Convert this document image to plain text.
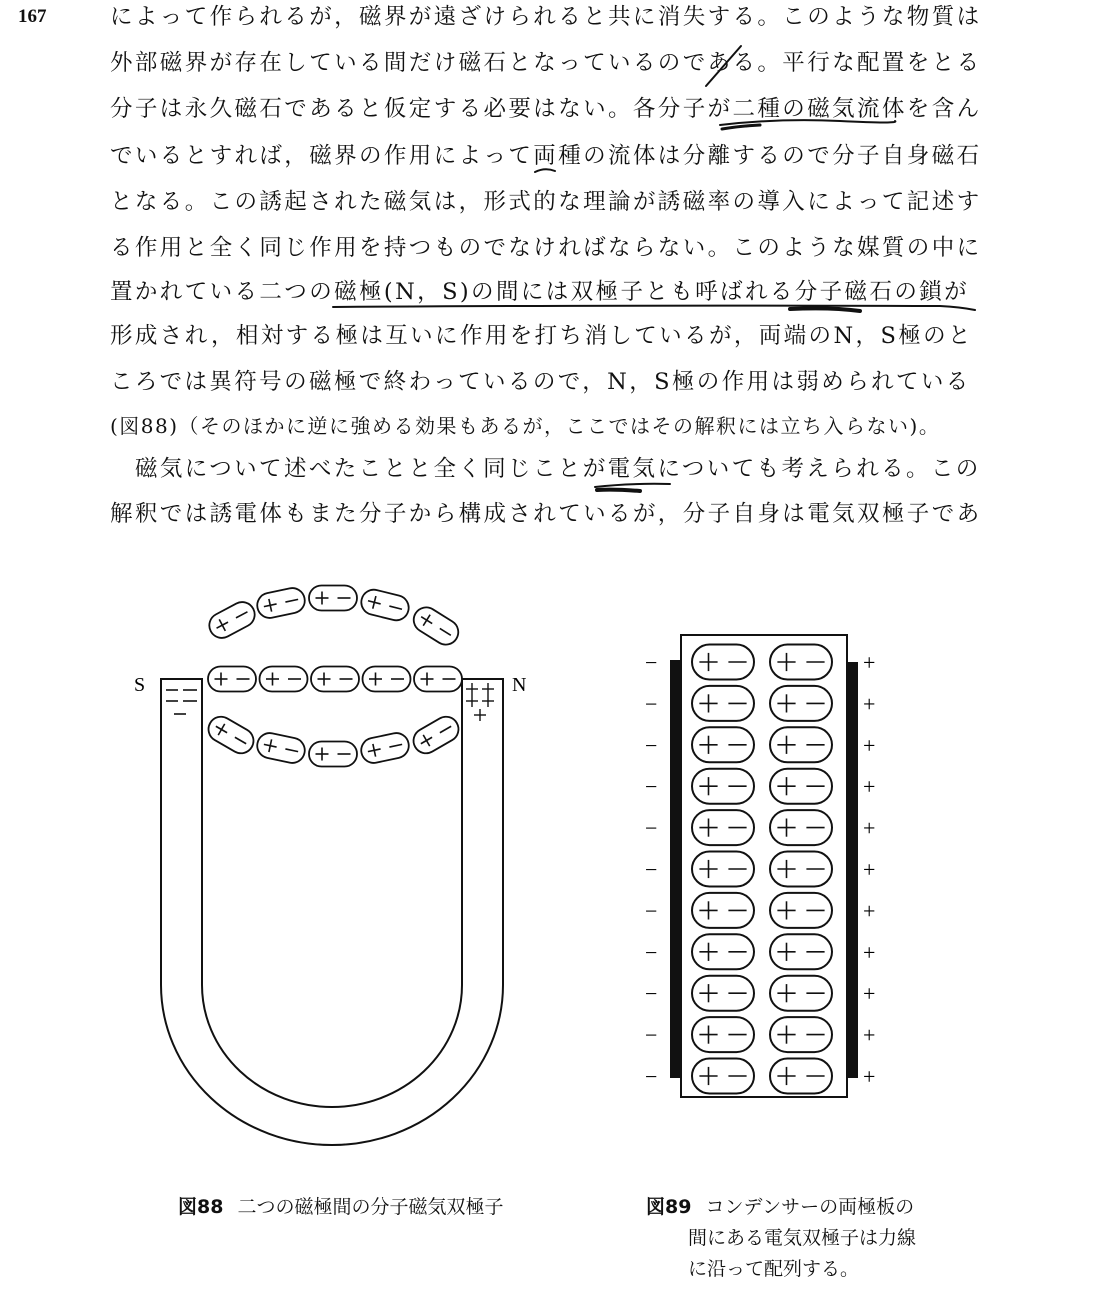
167	によって作られるが，磁界が遠ざけられると共に消失する。このような物質は
外部磁界が存在している間だけ磁石となっているのである。平行な配置をとる
分子は永久磁石であると仮定する必要はない。各分子が二種の磁気流体を含ん
でいるとすれば，磁界の作用によって両種の流体は分離するので分子自身磁石
となる。この誘起された磁気は，形式的な理論が誘磁率の導入によって記述す
る作用と全く同じ作用を持つものでなければならない。このような媒質の中に
置かれている二つの磁極(N，S)の間には双極子とも呼ばれる分子磁石の鎖が
形成され，相対する極は互いに作用を打ち消しているが，両端のN，S極のと
ころでは異符号の磁極で終わっているので，N，S極の作用は弱められている
(図88)（そのほかに逆に強める効果もあるが，ここではその解釈には立ち入らない)。
磁気について述べたことと全く同じことが電気についても考えられる。この
解釈では誘電体もまた分子から構成されているが，分子自身は電気双極子であ
S	N
−	+
−	+
−	+
−	+
−	+
−	+
−	+
−	+
−	+
−	+
−	+
図88 二つの磁極間の分子磁気双極子	図89 コンデンサーの両極板の
間にある電気双極子は力線
に沿って配列する。
